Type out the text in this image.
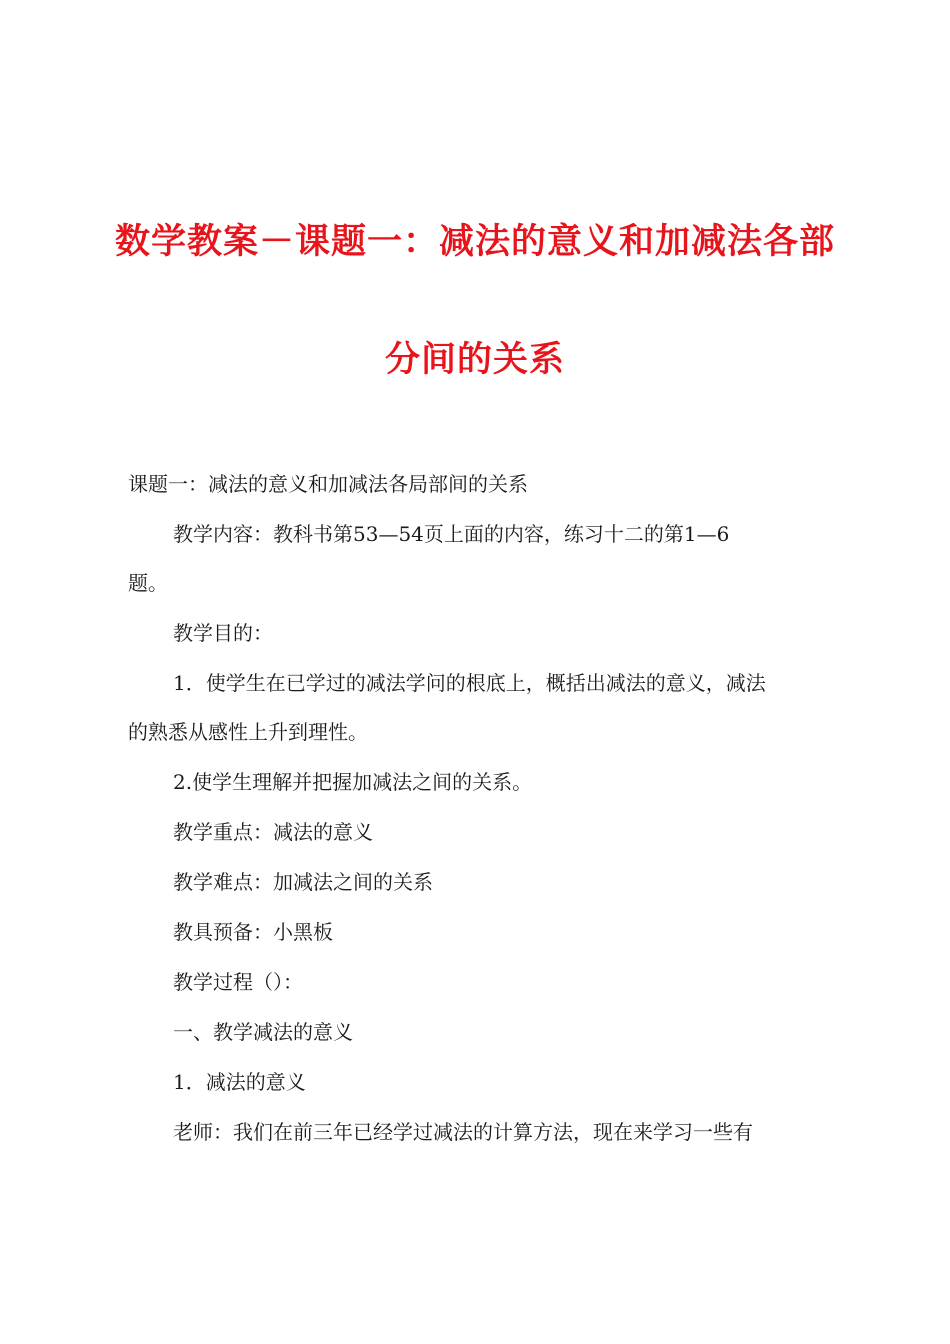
数学教案－课题一：减法的意义和加减法各部
分间的关系

课题一：减法的意义和加减法各局部间的关系

教学内容：教科书第53—54页上面的内容，练习十二的第1—6

题。

教学目的：

1．使学生在已学过的减法学问的根底上，概括出减法的意义，减法

的熟悉从感性上升到理性。

2.使学生理解并把握加减法之间的关系。

教学重点：减法的意义

教学难点：加减法之间的关系

教具预备：小黑板

教学过程（）：

一、教学减法的意义

1．减法的意义

老师：我们在前三年已经学过减法的计算方法，现在来学习一些有
